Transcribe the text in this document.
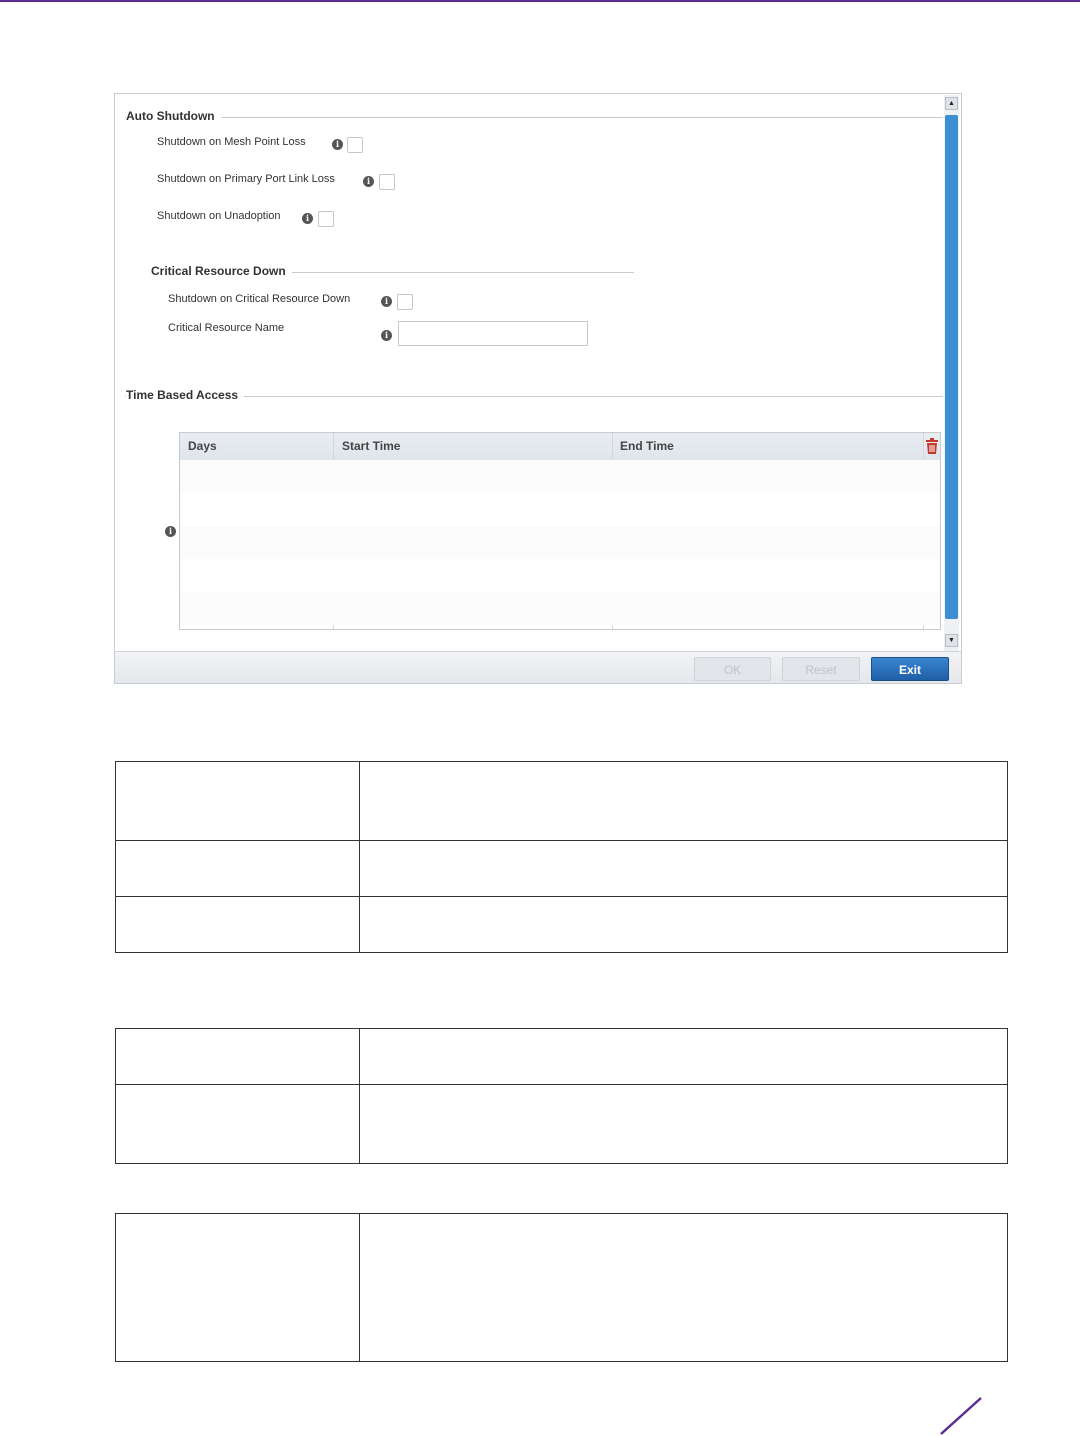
Auto Shutdown
Shutdown on Mesh Point Loss	i
Shutdown on Primary Port Link Loss	i
Shutdown on Unadoption	i
Critical Resource Down
Shutdown on Critical Resource Down	i
Critical Resource Name
i
Time Based Access
i
Days	Start Time	End Time
▲
▼
OK	Reset	Exit
